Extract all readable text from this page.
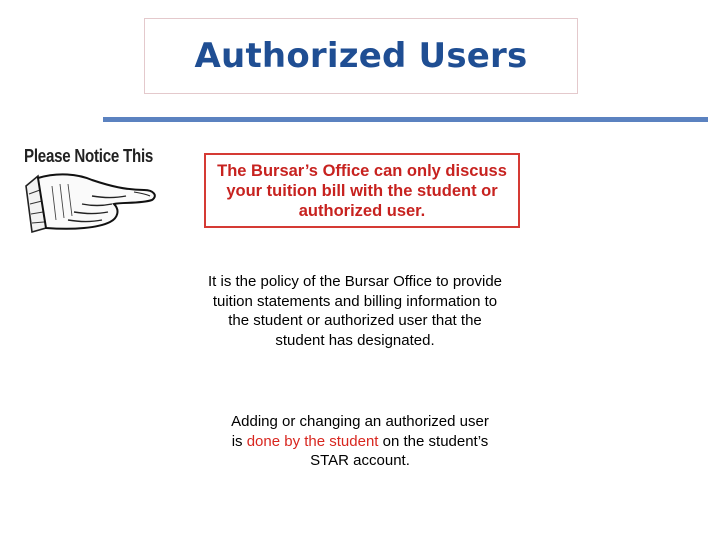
Authorized Users
Please Notice This

The Bursar’s Office can only discuss your tuition bill with the student or authorized user.

It is the policy of the Bursar Office to provide tuition statements and billing information to the student or authorized user that the student has designated.

Adding or changing an authorized user is done by the student on the student’s STAR account.
